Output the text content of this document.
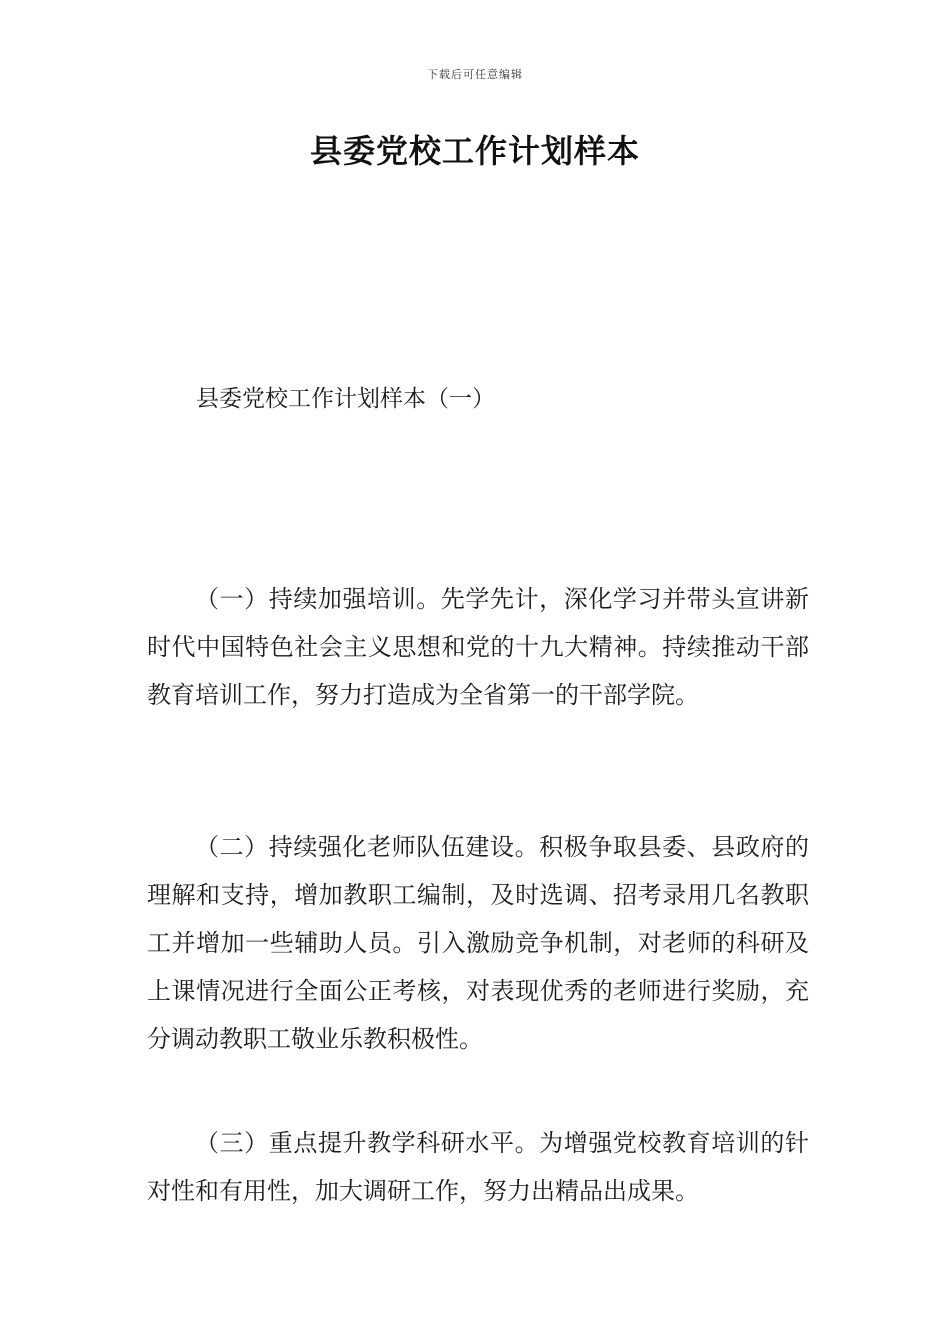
下载后可任意编辑
县委党校工作计划样本
县委党校工作计划样本（一）

（一）持续加强培训。先学先计，深化学习并带头宣讲新时代中国特色社会主义思想和党的十九大精神。持续推动干部教育培训工作，努力打造成为全省第一的干部学院。

（二）持续强化老师队伍建设。积极争取县委、县政府的理解和支持，增加教职工编制，及时选调、招考录用几名教职工并增加一些辅助人员。引入激励竞争机制，对老师的科研及上课情况进行全面公正考核，对表现优秀的老师进行奖励，充分调动教职工敬业乐教积极性。

（三）重点提升教学科研水平。为增强党校教育培训的针对性和有用性，加大调研工作，努力出精品出成果。
